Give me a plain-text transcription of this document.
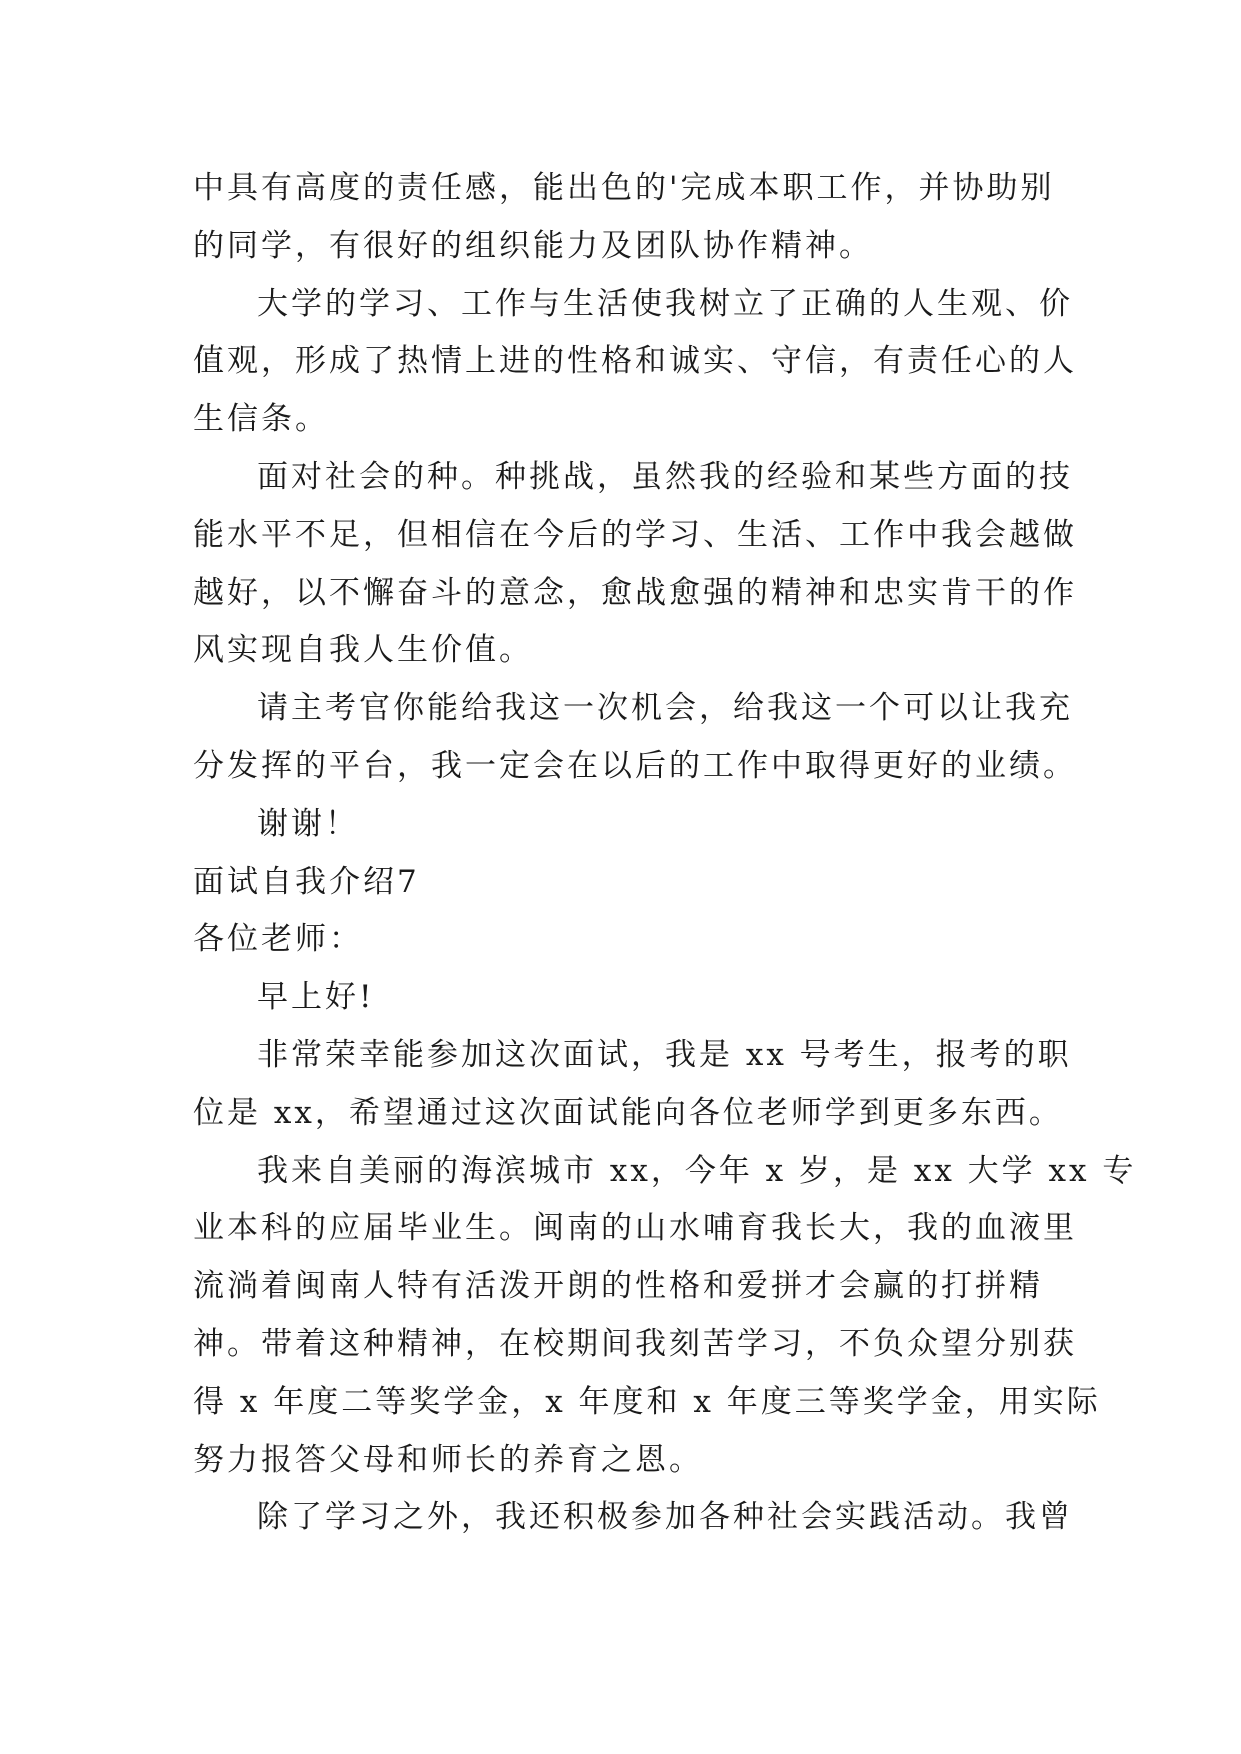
中具有高度的责任感，能出色的'完成本职工作，并协助别
的同学，有很好的组织能力及团队协作精神。
大学的学习、工作与生活使我树立了正确的人生观、价
值观，形成了热情上进的性格和诚实、守信，有责任心的人
生信条。
面对社会的种。种挑战，虽然我的经验和某些方面的技
能水平不足，但相信在今后的学习、生活、工作中我会越做
越好，以不懈奋斗的意念，愈战愈强的精神和忠实肯干的作
风实现自我人生价值。
请主考官你能给我这一次机会，给我这一个可以让我充
分发挥的平台，我一定会在以后的工作中取得更好的业绩。
谢谢！
面试自我介绍7
各位老师：
早上好!
非常荣幸能参加这次面试，我是 xx 号考生，报考的职
位是 xx，希望通过这次面试能向各位老师学到更多东西。
我来自美丽的海滨城市 xx，今年 x 岁，是 xx 大学 xx 专
业本科的应届毕业生。闽南的山水哺育我长大，我的血液里
流淌着闽南人特有活泼开朗的性格和爱拼才会赢的打拼精
神。带着这种精神，在校期间我刻苦学习，不负众望分别获
得 x 年度二等奖学金，x 年度和 x 年度三等奖学金，用实际
努力报答父母和师长的养育之恩。
除了学习之外，我还积极参加各种社会实践活动。我曾
